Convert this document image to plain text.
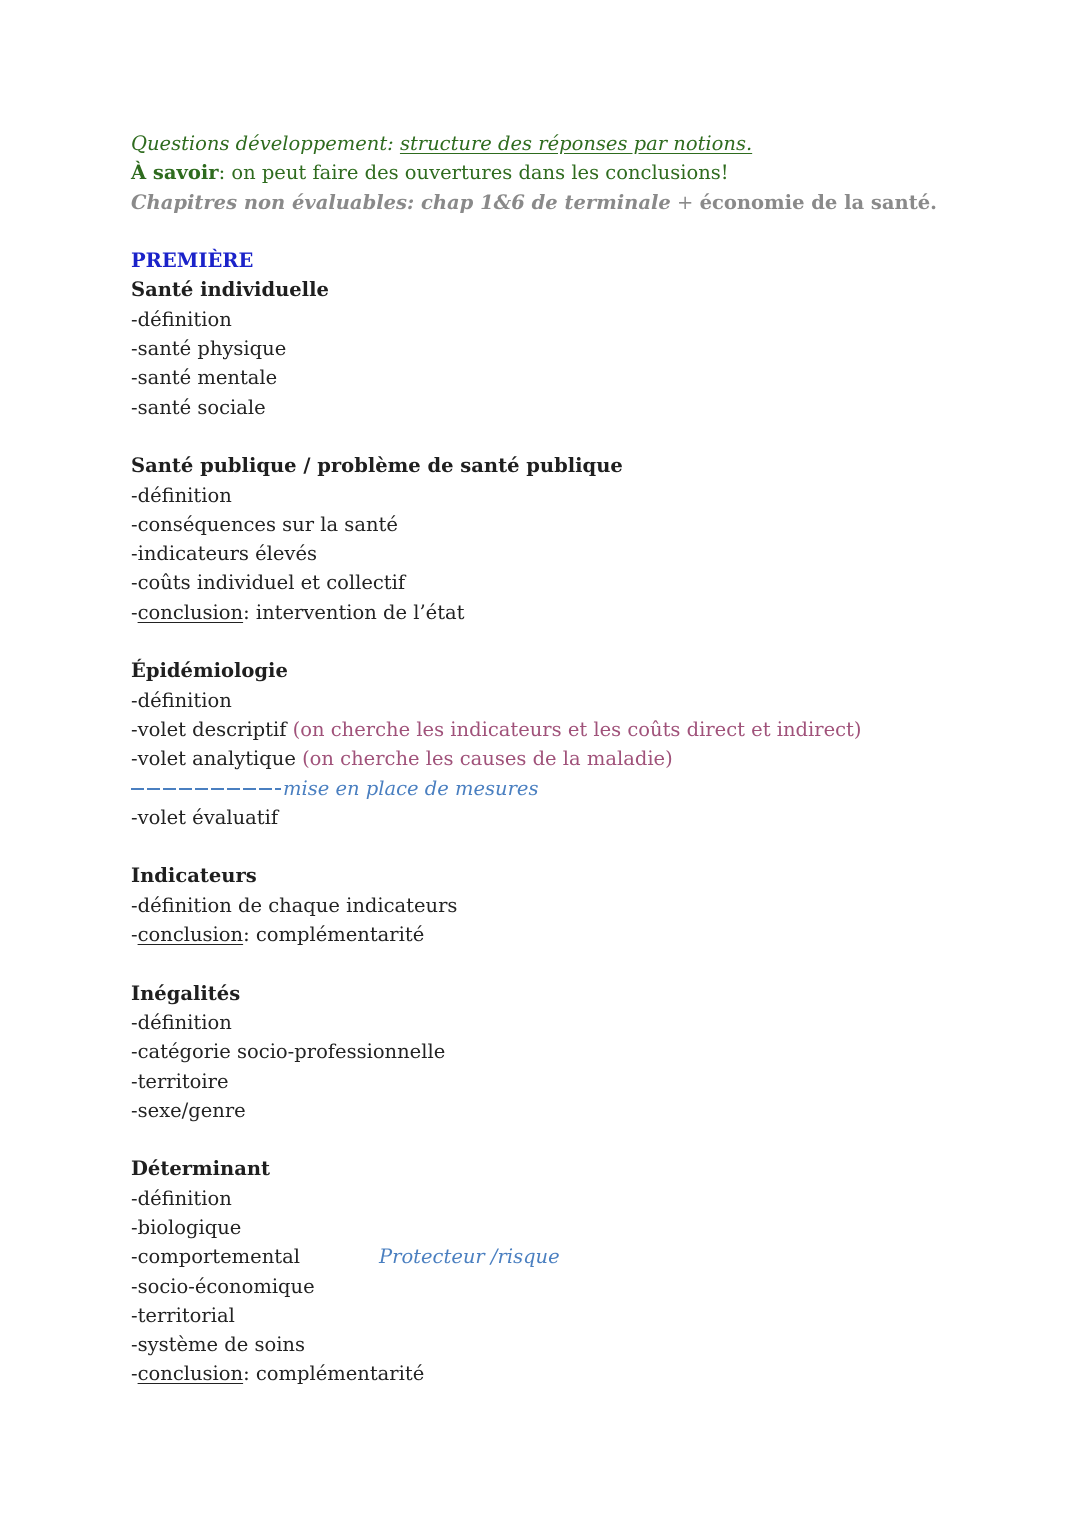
Questions développement: structure des réponses par notions.
À savoir: on peut faire des ouvertures dans les conclusions!
Chapitres non évaluables: chap 1&6 de terminale + économie de la santé.
PREMIÈRE
Santé individuelle
-définition
-santé physique
-santé mentale
-santé sociale
Santé publique / problème de santé publique
-définition
-conséquences sur la santé
-indicateurs élevés
-coûts individuel et collectif
-conclusion: intervention de l’état
Épidémiologie
-définition
-volet descriptif (on cherche les indicateurs et les coûts direct et indirect)
-volet analytique (on cherche les causes de la maladie)
mise en place de mesures
-volet évaluatif
Indicateurs
-définition de chaque indicateurs
-conclusion: complémentarité
Inégalités
-définition
-catégorie socio-professionnelle
-territoire
-sexe/genre
Déterminant
-définition
-biologique
-comportemental	Protecteur /risque
-socio-économique
-territorial
-système de soins
-conclusion: complémentarité
